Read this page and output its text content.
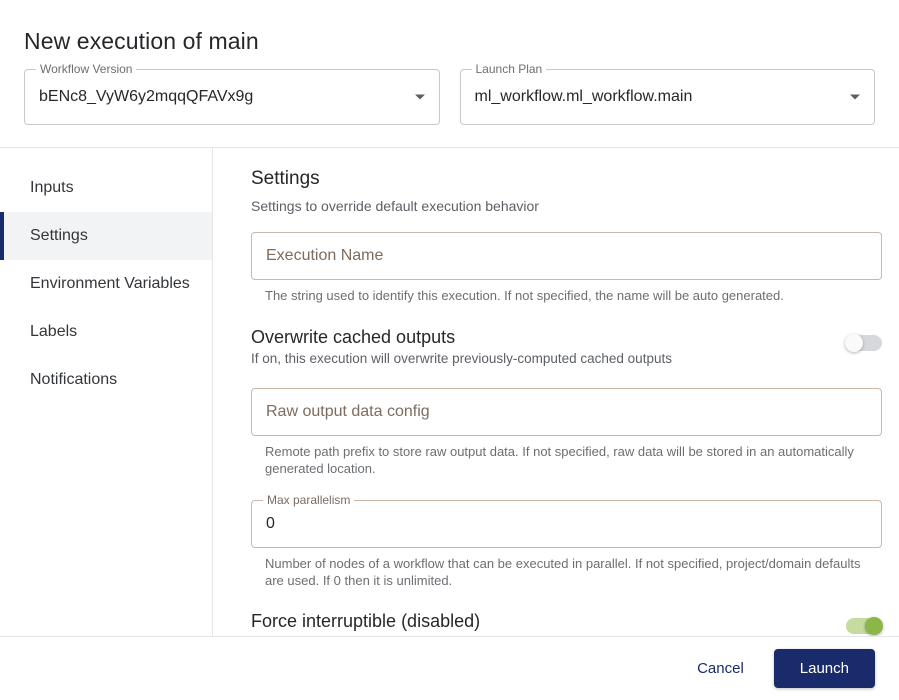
New execution of main
Workflow Version
bENc8_VyW6y2mqqQFAVx9g
Launch Plan
ml_workflow.ml_workflow.main
Inputs
Settings
Environment Variables
Labels
Notifications
Settings
Settings to override default execution behavior
Execution Name
The string used to identify this execution. If not specified, the name will be auto generated.
Overwrite cached outputs
If on, this execution will overwrite previously-computed cached outputs
Raw output data config
Remote path prefix to store raw output data. If not specified, raw data will be stored in an automatically generated location.
Max parallelism
0
Number of nodes of a workflow that can be executed in parallel. If not specified, project/domain defaults are used. If 0 then it is unlimited.
Force interruptible (disabled)
Cancel	Launch
